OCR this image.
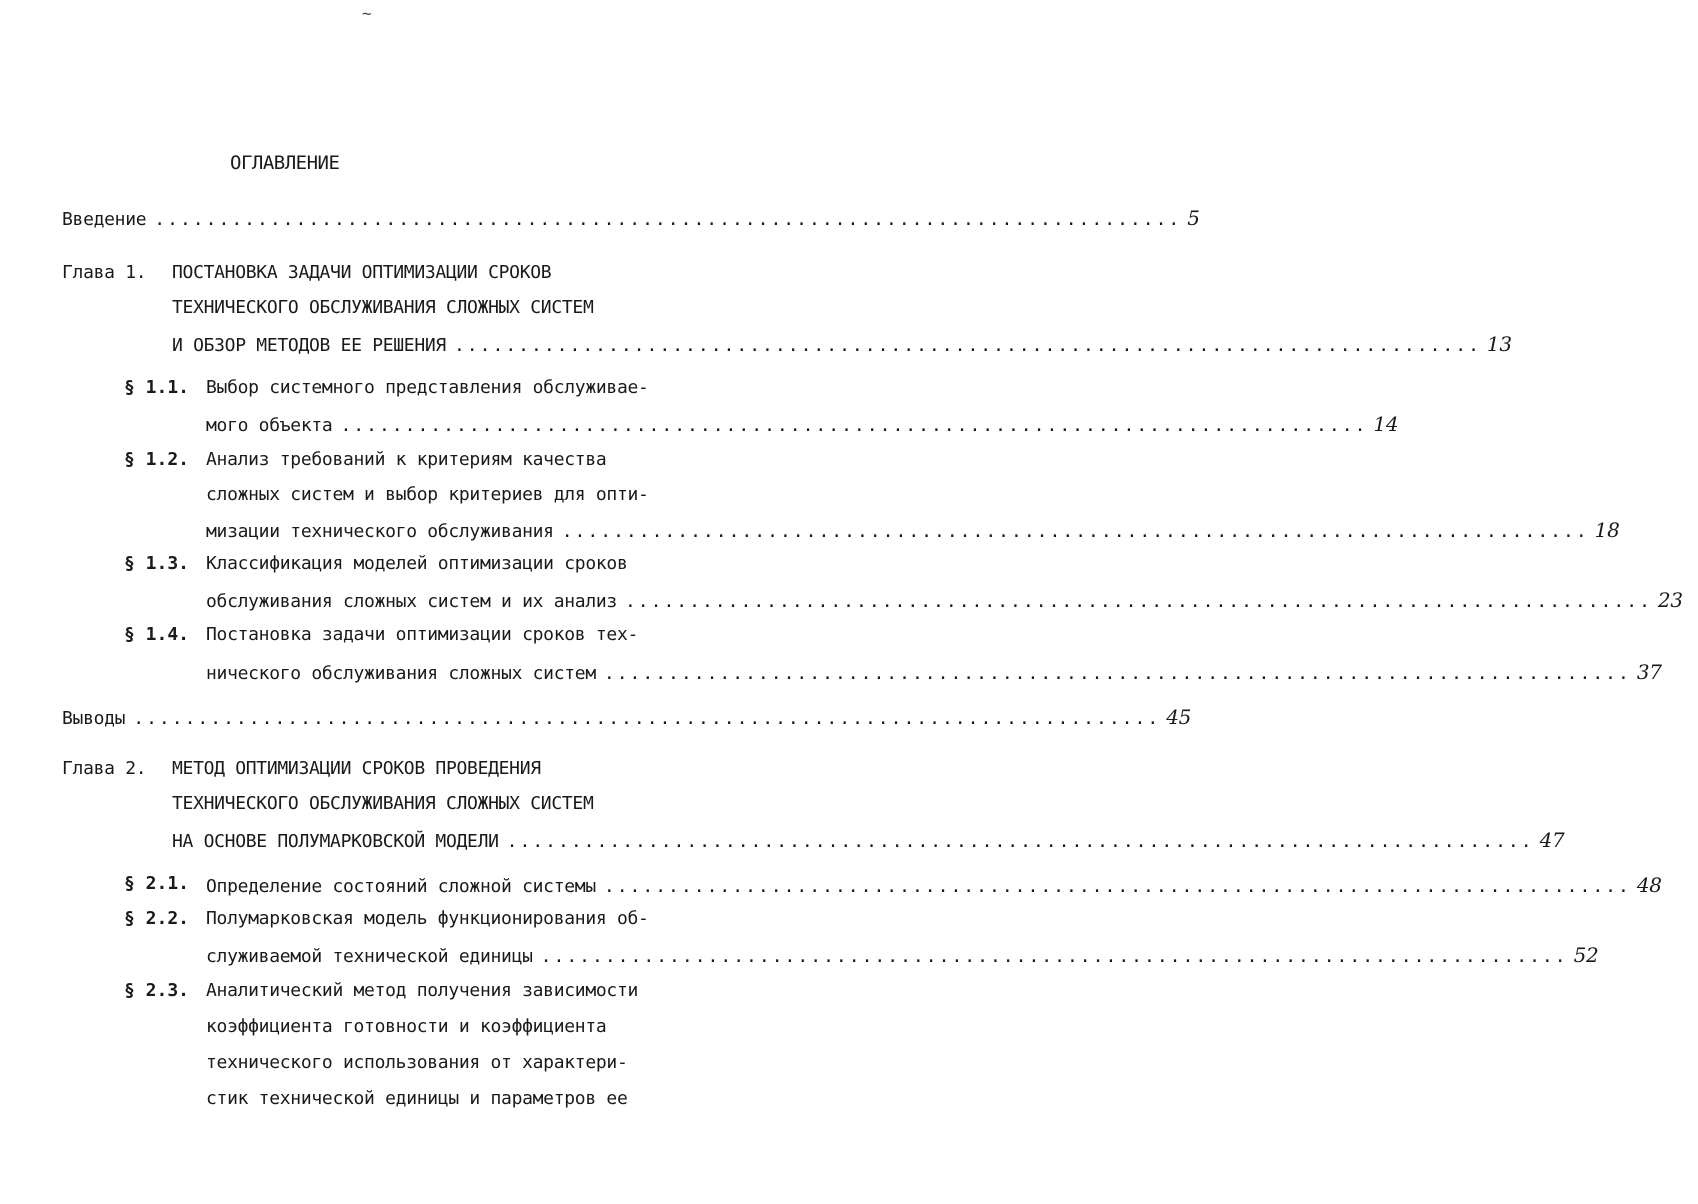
~
ОГЛАВЛЕНИЕ
Введение ................................................................................ 5
Глава 1. ПОСТАНОВКА ЗАДАЧИ ОПТИМИЗАЦИИ СРОКОВ
ТЕХНИЧЕСКОГО ОБСЛУЖИВАНИЯ СЛОЖНЫХ СИСТЕМ
И ОБЗОР МЕТОДОВ ЕЕ РЕШЕНИЯ ................................................................................ 13
§ 1.1. Выбор системного представления обслуживае-
мого объекта ................................................................................ 14
§ 1.2. Анализ требований к критериям качества
сложных систем и выбор критериев для опти-
мизации технического обслуживания ................................................................................ 18
§ 1.3. Классификация моделей оптимизации сроков
обслуживания сложных систем и их анализ ................................................................................ 23
§ 1.4. Постановка задачи оптимизации сроков тех-
нического обслуживания сложных систем ................................................................................ 37
Выводы ................................................................................ 45
Глава 2. МЕТОД ОПТИМИЗАЦИИ СРОКОВ ПРОВЕДЕНИЯ
ТЕХНИЧЕСКОГО ОБСЛУЖИВАНИЯ СЛОЖНЫХ СИСТЕМ
НА ОСНОВЕ ПОЛУМАРКОВСКОЙ МОДЕЛИ ................................................................................ 47
§ 2.1. Определение состояний сложной системы ................................................................................ 48
§ 2.2. Полумарковская модель функционирования об-
служиваемой технической единицы ................................................................................ 52
§ 2.3. Аналитический метод получения зависимости
коэффициента готовности и коэффициента
технического использования от характери-
стик технической единицы и параметров ее
